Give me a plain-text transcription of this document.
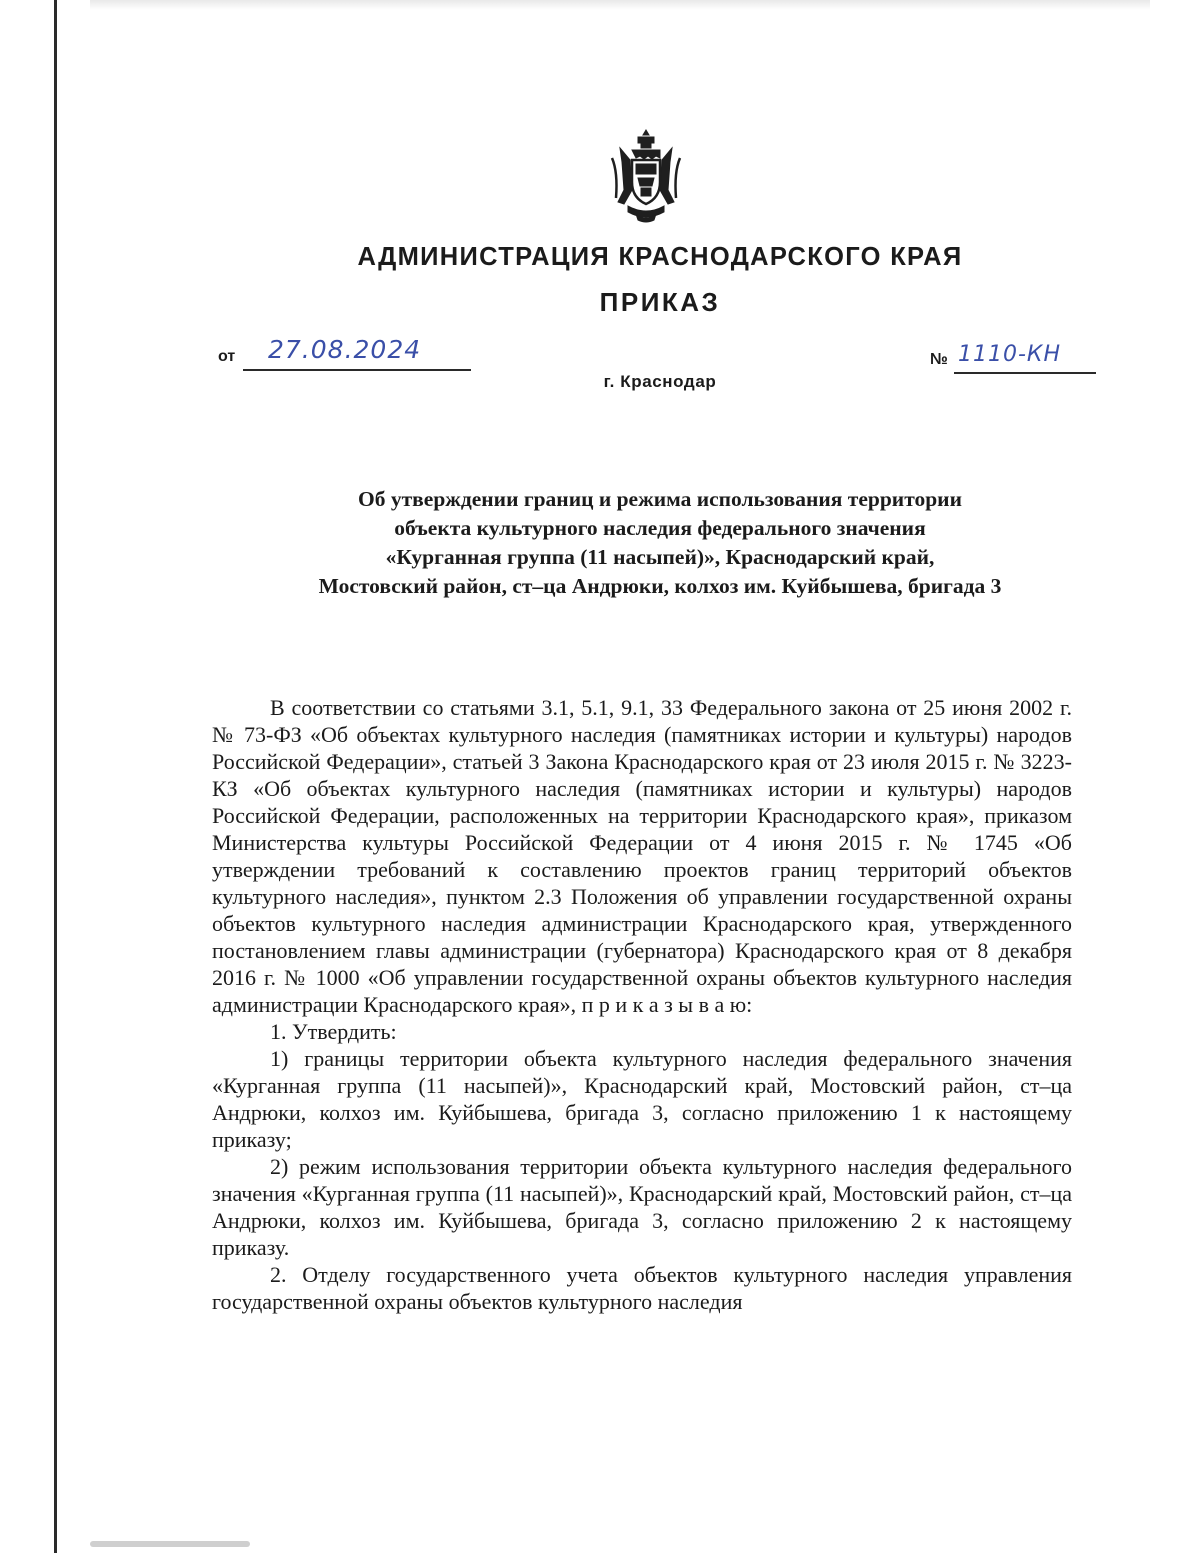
АДМИНИСТРАЦИЯ КРАСНОДАРСКОГО КРАЯ

ПРИКАЗ

от 27.08.2024
г. Краснодар
№ 1110-КН
Об утверждении границ и режима использования территории
объекта культурного наследия федерального значения
«Курганная группа (11 насыпей)», Краснодарский край,
Мостовский район, ст–ца Андрюки, колхоз им. Куйбышева, бригада 3

В соответствии со статьями 3.1, 5.1, 9.1, 33 Федерального закона от 25 июня 2002 г. № 73-ФЗ «Об объектах культурного наследия (памятниках истории и культуры) народов Российской Федерации», статьей 3 Закона Краснодарского края от 23 июля 2015 г. № 3223-КЗ «Об объектах культурного наследия (памятниках истории и культуры) народов Российской Федерации, расположенных на территории Краснодарского края», приказом Министерства культуры Российской Федерации от 4 июня 2015 г. № 1745 «Об утверждении требований к составлению проектов границ территорий объектов культурного наследия», пунктом 2.3 Положения об управлении государственной охраны объектов культурного наследия администрации Краснодарского края, утвержденного постановлением главы администрации (губернатора) Краснодарского края от 8 декабря 2016 г. № 1000 «Об управлении государственной охраны объектов культурного наследия администрации Краснодарского края», п р и к а з ы в а ю:

1. Утвердить:

1) границы территории объекта культурного наследия федерального значения «Курганная группа (11 насыпей)», Краснодарский край, Мостовский район, ст–ца Андрюки, колхоз им. Куйбышева, бригада 3, согласно приложению 1 к настоящему приказу;

2) режим использования территории объекта культурного наследия федерального значения «Курганная группа (11 насыпей)», Краснодарский край, Мостовский район, ст–ца Андрюки, колхоз им. Куйбышева, бригада 3, согласно приложению 2 к настоящему приказу.

2. Отделу государственного учета объектов культурного наследия управления государственной охраны объектов культурного наследия
